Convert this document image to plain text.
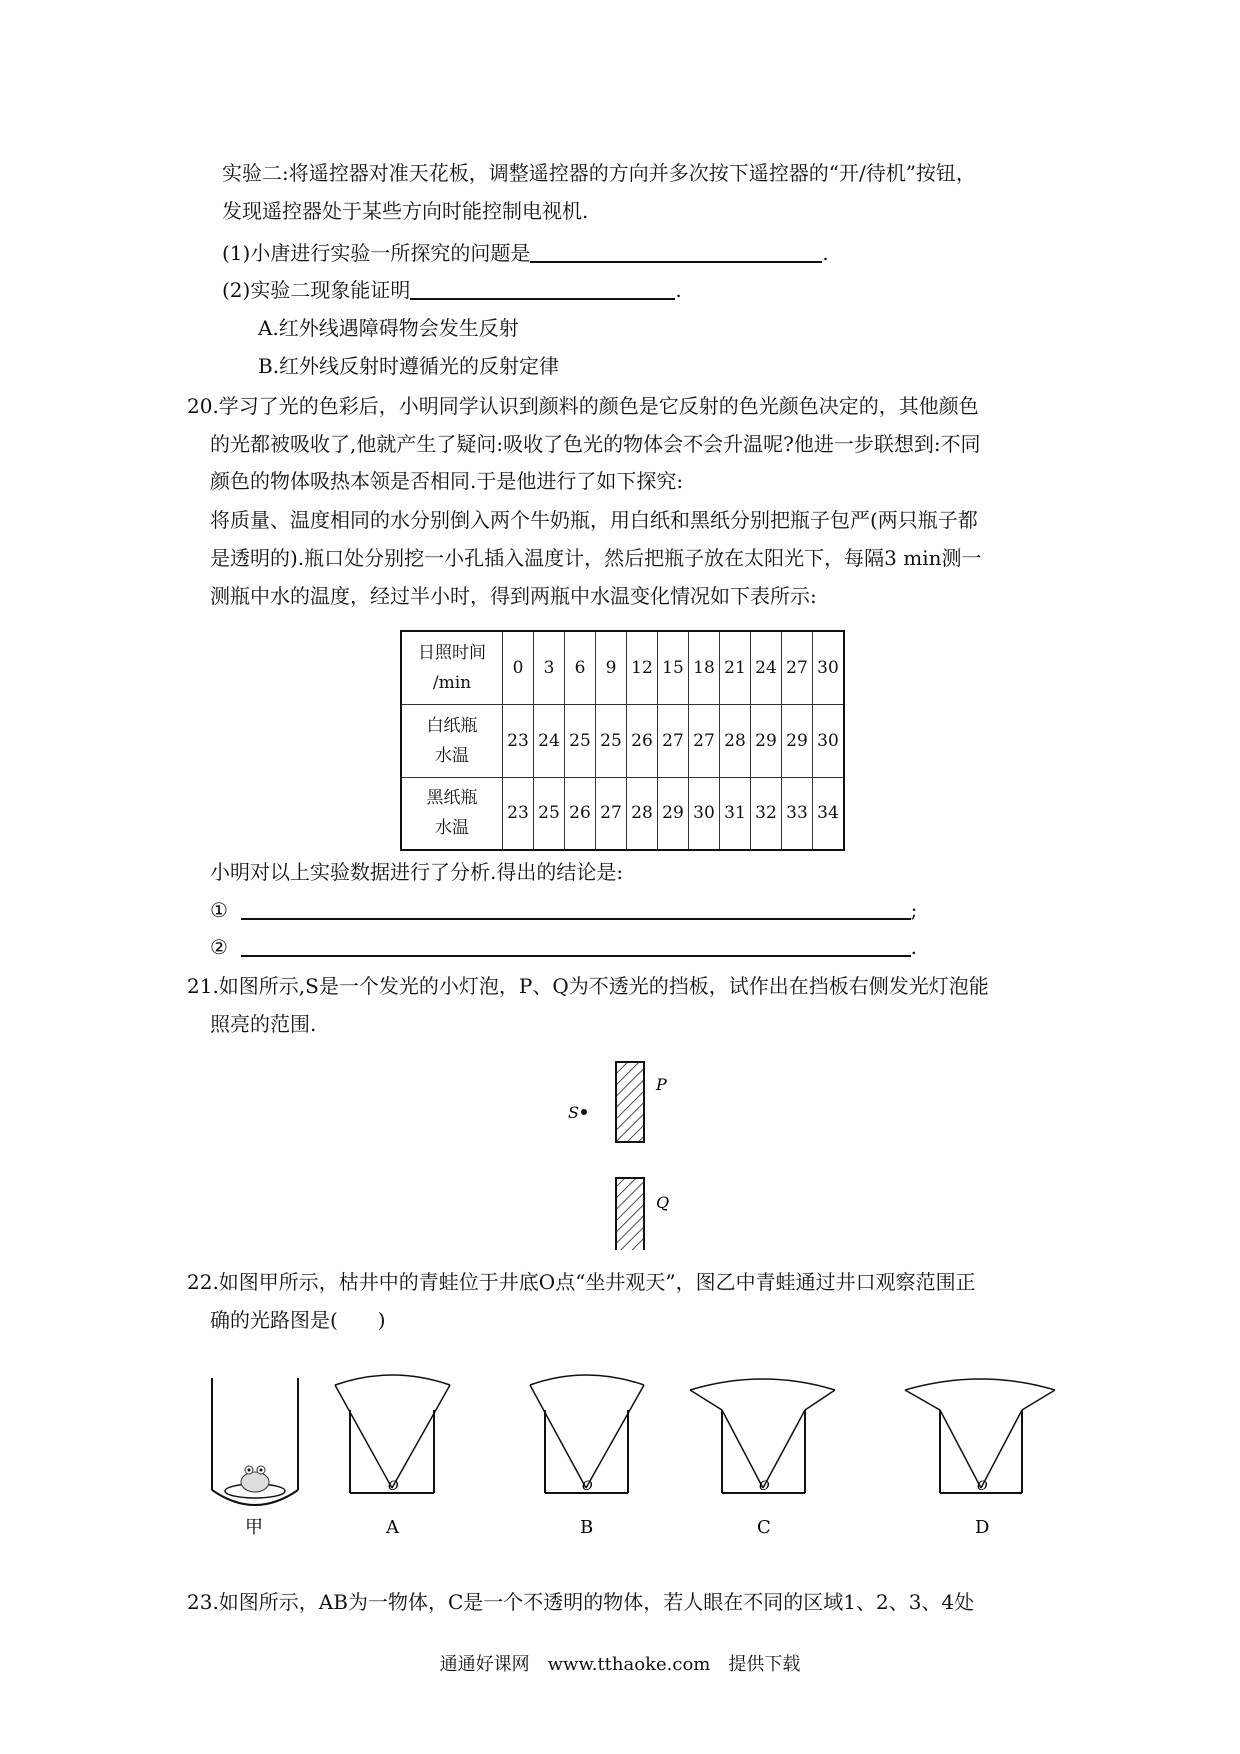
实验二:将遥控器对准天花板，调整遥控器的方向并多次按下遥控器的“开/待机”按钮，
发现遥控器处于某些方向时能控制电视机.
(1)小唐进行实验一所探究的问题是	.
(2)实验二现象能证明	.
A.红外线遇障碍物会发生反射
B.红外线反射时遵循光的反射定律
20.学习了光的色彩后，小明同学认识到颜料的颜色是它反射的色光颜色决定的，其他颜色
的光都被吸收了,他就产生了疑问:吸收了色光的物体会不会升温呢?他进一步联想到:不同
颜色的物体吸热本领是否相同.于是他进行了如下探究:
将质量、温度相同的水分别倒入两个牛奶瓶，用白纸和黑纸分别把瓶子包严(两只瓶子都
是透明的).瓶口处分别挖一小孔插入温度计，然后把瓶子放在太阳光下，每隔3 min测一
测瓶中水的温度，经过半小时，得到两瓶中水温变化情况如下表所示:
日照时间
/min	0	3	6	9	12	15	18	21	24	27	30
白纸瓶
水温	23	24	25	25	26	27	27	28	29	29	30
黑纸瓶
水温	23	25	26	27	28	29	30	31	32	33	34
小明对以上实验数据进行了分析.得出的结论是:
①	;
②	.
21.如图所示,S是一个发光的小灯泡，P、Q为不透光的挡板，试作出在挡板右侧发光灯泡能
照亮的范围.
S
P
Q
22.如图甲所示，枯井中的青蛙位于井底O点“坐井观天”，图乙中青蛙通过井口观察范围正
确的光路图是(　　)
甲
O
A
O
B
O
C
O
D
23.如图所示，AB为一物体，C是一个不透明的物体，若人眼在不同的区域1、2、3、4处
通通好课网　www.tthaoke.com　提供下载
